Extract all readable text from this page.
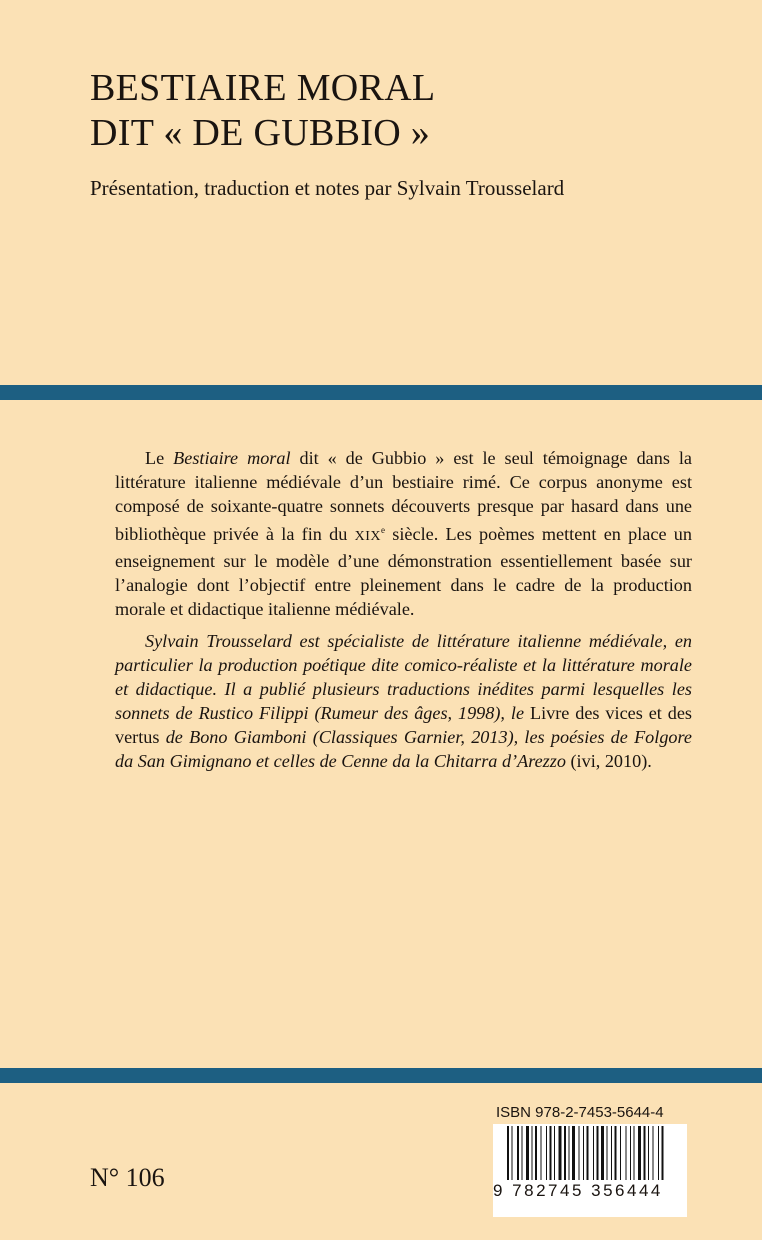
BESTIAIRE MORAL
DIT « DE GUBBIO »
Présentation, traduction et notes par Sylvain Trousselard

Le Bestiaire moral dit « de Gubbio » est le seul témoignage dans la littérature italienne médiévale d’un bestiaire rimé. Ce corpus anonyme est composé de soixante-quatre sonnets découverts presque par hasard dans une bibliothèque privée à la fin du XIXe siècle. Les poèmes mettent en place un enseignement sur le modèle d’une démonstration essentiellement basée sur l’analogie dont l’objectif entre pleinement dans le cadre de la production morale et didactique italienne médiévale.

Sylvain Trousselard est spécialiste de littérature italienne médiévale, en particulier la production poétique dite comico-réaliste et la littérature morale et didactique. Il a publié plusieurs traductions inédites parmi lesquelles les sonnets de Rustico Filippi (Rumeur des âges, 1998), le Livre des vices et des vertus de Bono Giamboni (Classiques Garnier, 2013), les poésies de Folgore da San Gimignano et celles de Cenne da la Chitarra d’Arezzo (ivi, 2010).

N° 106
ISBN 978-2-7453-5644-4
9 782745 356444
